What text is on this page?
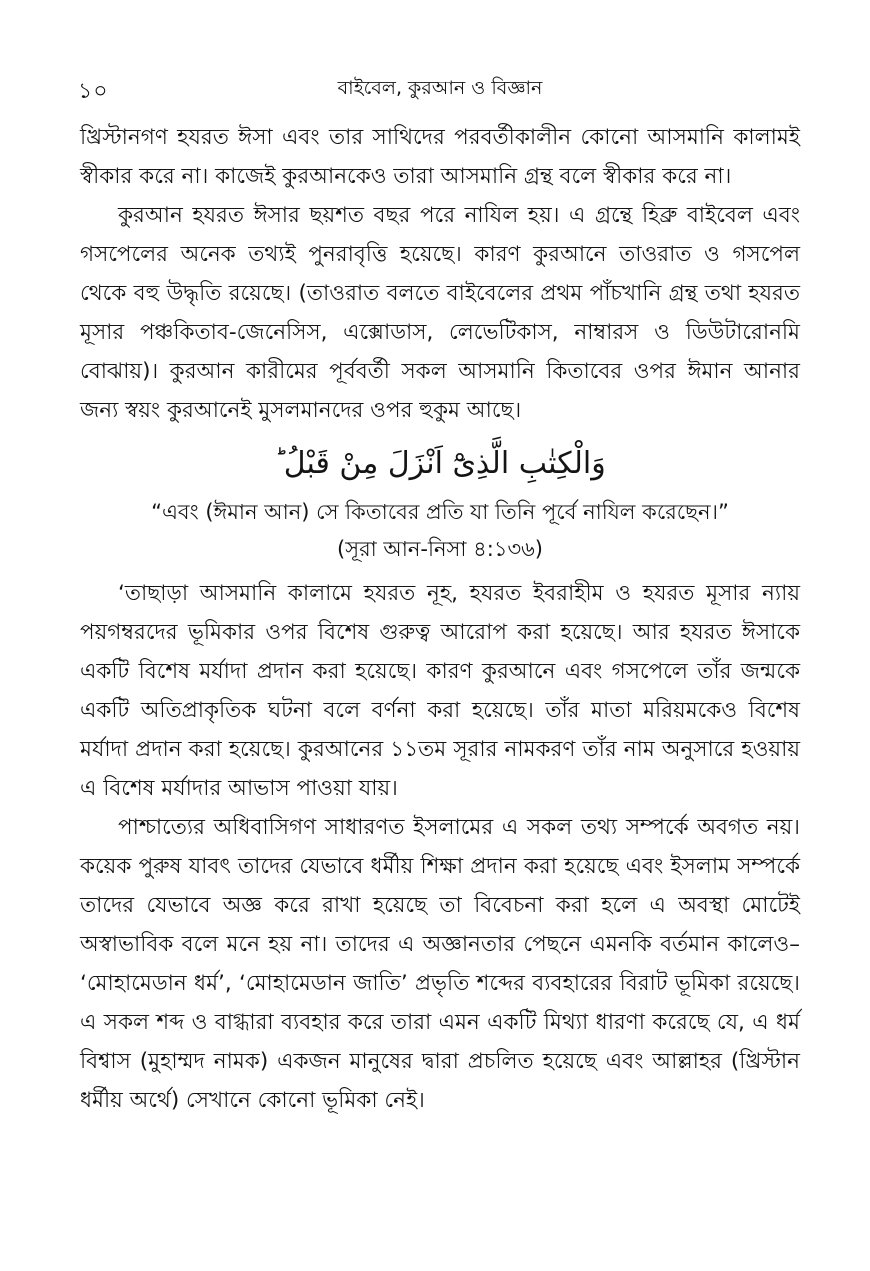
১০	বাইবেল, কুরআন ও বিজ্ঞান

খ্রিস্টানগণ হযরত ঈসা এবং তার সাথিদের পরবর্তীকালীন কোনো আসমানি কালামই স্বীকার করে না। কাজেই কুরআনকেও তারা আসমানি গ্রন্থ বলে স্বীকার করে না।

কুরআন হযরত ঈসার ছয়শত বছর পরে নাযিল হয়। এ গ্রন্থে হিব্রু বাইবেল এবং গসপেলের অনেক তথ্যই পুনরাবৃত্তি হয়েছে। কারণ কুরআনে তাওরাত ও গসপেল থেকে বহু উদ্ধৃতি রয়েছে। (তাওরাত বলতে বাইবেলের প্রথম পাঁচখানি গ্রন্থ তথা হযরত মূসার পঞ্চকিতাব-জেনেসিস, এক্সোডাস, লেভেটিকাস, নাম্বারস ও ডিউটারোনমি বোঝায়)। কুরআন কারীমের পূর্ববর্তী সকল আসমানি কিতাবের ওপর ঈমান আনার জন্য স্বয়ং কুরআনেই মুসলমানদের ওপর হুকুম আছে।

وَالْكِتٰبِ الَّذِىْٓ اَنْزَلَ مِنْ قَبْلُ ؕ

“এবং (ঈমান আন) সে কিতাবের প্রতি যা তিনি পূর্বে নাযিল করেছেন।”

(সূরা আন-নিসা ৪:১৩৬)

‘তাছাড়া আসমানি কালামে হযরত নূহ, হযরত ইবরাহীম ও হযরত মূসার ন্যায় পয়গম্বরদের ভূমিকার ওপর বিশেষ গুরুত্ব আরোপ করা হয়েছে। আর হযরত ঈসাকে একটি বিশেষ মর্যাদা প্রদান করা হয়েছে। কারণ কুরআনে এবং গসপেলে তাঁর জন্মকে একটি অতিপ্রাকৃতিক ঘটনা বলে বর্ণনা করা হয়েছে। তাঁর মাতা মরিয়মকেও বিশেষ মর্যাদা প্রদান করা হয়েছে। কুরআনের ১১তম সূরার নামকরণ তাঁর নাম অনুসারে হওয়ায় এ বিশেষ মর্যাদার আভাস পাওয়া যায়।

পাশ্চাত্যের অধিবাসিগণ সাধারণত ইসলামের এ সকল তথ্য সম্পর্কে অবগত নয়। কয়েক পুরুষ যাবৎ তাদের যেভাবে ধর্মীয় শিক্ষা প্রদান করা হয়েছে এবং ইসলাম সম্পর্কে তাদের যেভাবে অজ্ঞ করে রাখা হয়েছে তা বিবেচনা করা হলে এ অবস্থা মোটেই অস্বাভাবিক বলে মনে হয় না। তাদের এ অজ্ঞানতার পেছনে এমনকি বর্তমান কালেও– ‘মোহামেডান ধর্ম’, ‘মোহামেডান জাতি’ প্রভৃতি শব্দের ব্যবহারের বিরাট ভূমিকা রয়েছে। এ সকল শব্দ ও বাগ্ধারা ব্যবহার করে তারা এমন একটি মিথ্যা ধারণা করেছে যে, এ ধর্ম বিশ্বাস (মুহাম্মদ নামক) একজন মানুষের দ্বারা প্রচলিত হয়েছে এবং আল্লাহর (খ্রিস্টান ধর্মীয় অর্থে) সেখানে কোনো ভূমিকা নেই।
